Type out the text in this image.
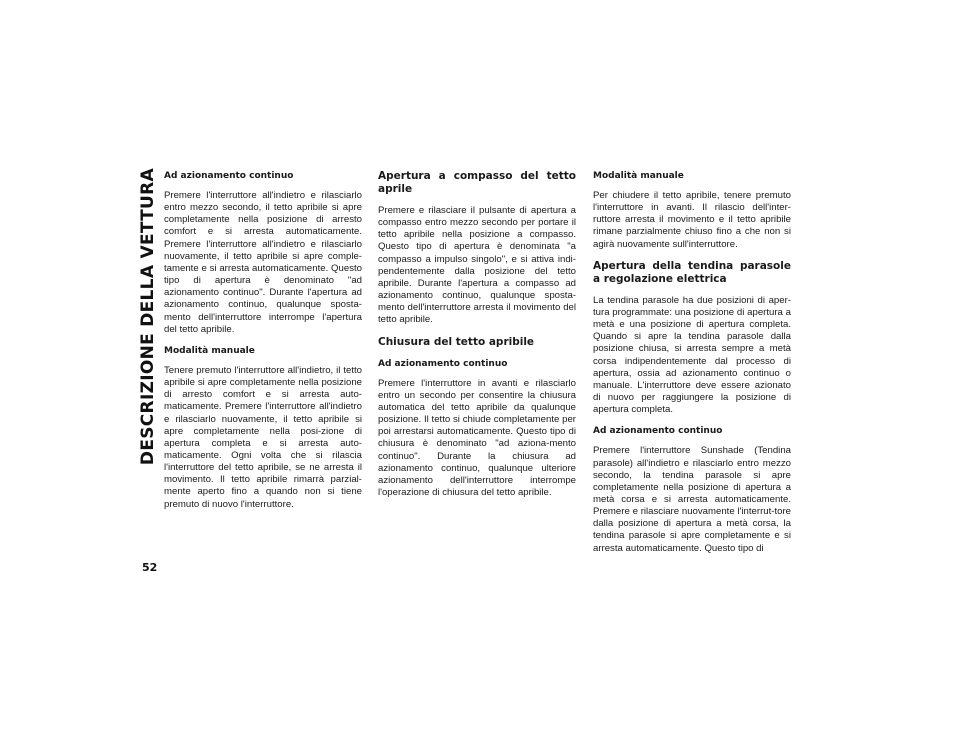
DESCRIZIONE DELLA VETTURA Ad azionamento continuo

Premere l'interruttore all'indietro e rilasciarlo entro mezzo secondo, il tetto apribile si apre completamente nella posizione di arresto comfort e si arresta automaticamente. Premere l'interruttore all'indietro e rilasciarlo nuovamente, il tetto apribile si apre comple-tamente e si arresta automaticamente. Questo tipo di apertura è denominato "ad azionamento continuo". Durante l'apertura ad azionamento continuo, qualunque sposta-mento dell'interruttore interrompe l'apertura del tetto apribile.

Modalità manuale

Tenere premuto l'interruttore all'indietro, il tetto apribile si apre completamente nella posizione di arresto comfort e si arresta auto-maticamente. Premere l'interruttore all'indietro e rilasciarlo nuovamente, il tetto apribile si apre completamente nella posi-zione di apertura completa e si arresta auto-maticamente. Ogni volta che si rilascia l'interruttore del tetto apribile, se ne arresta il movimento. Il tetto apribile rimarrà parzial-mente aperto fino a quando non si tiene premuto di nuovo l'interruttore.

Apertura a compasso del tetto aprile

Premere e rilasciare il pulsante di apertura a compasso entro mezzo secondo per portare il tetto apribile nella posizione a compasso. Questo tipo di apertura è denominata "a compasso a impulso singolo", e si attiva indi-pendentemente dalla posizione del tetto apribile. Durante l'apertura a compasso ad azionamento continuo, qualunque sposta-mento dell'interruttore arresta il movimento del tetto apribile.

Chiusura del tetto apribile
Ad azionamento continuo

Premere l'interruttore in avanti e rilasciarlo entro un secondo per consentire la chiusura automatica del tetto apribile da qualunque posizione. Il tetto si chiude completamente per poi arrestarsi automaticamente. Questo tipo di chiusura è denominato "ad aziona-mento continuo". Durante la chiusura ad azionamento continuo, qualunque ulteriore azionamento dell'interruttore interrompe l'operazione di chiusura del tetto apribile.

Modalità manuale

Per chiudere il tetto apribile, tenere premuto l'interruttore in avanti. Il rilascio dell'inter-ruttore arresta il movimento e il tetto apribile rimane parzialmente chiuso fino a che non si agirà nuovamente sull'interruttore.

Apertura della tendina parasole a regolazione elettrica

La tendina parasole ha due posizioni di aper-tura programmate: una posizione di apertura a metà e una posizione di apertura completa. Quando si apre la tendina parasole dalla posizione chiusa, si arresta sempre a metà corsa indipendentemente dal processo di apertura, ossia ad azionamento continuo o manuale. L'interruttore deve essere azionato di nuovo per raggiungere la posizione di apertura completa.

Ad azionamento continuo

Premere l'interruttore Sunshade (Tendina parasole) all'indietro e rilasciarlo entro mezzo secondo, la tendina parasole si apre completamente nella posizione di apertura a metà corsa e si arresta automaticamente. Premere e rilasciare nuovamente l'interrut-tore dalla posizione di apertura a metà corsa, la tendina parasole si apre completamente e si arresta automaticamente. Questo tipo di

52
